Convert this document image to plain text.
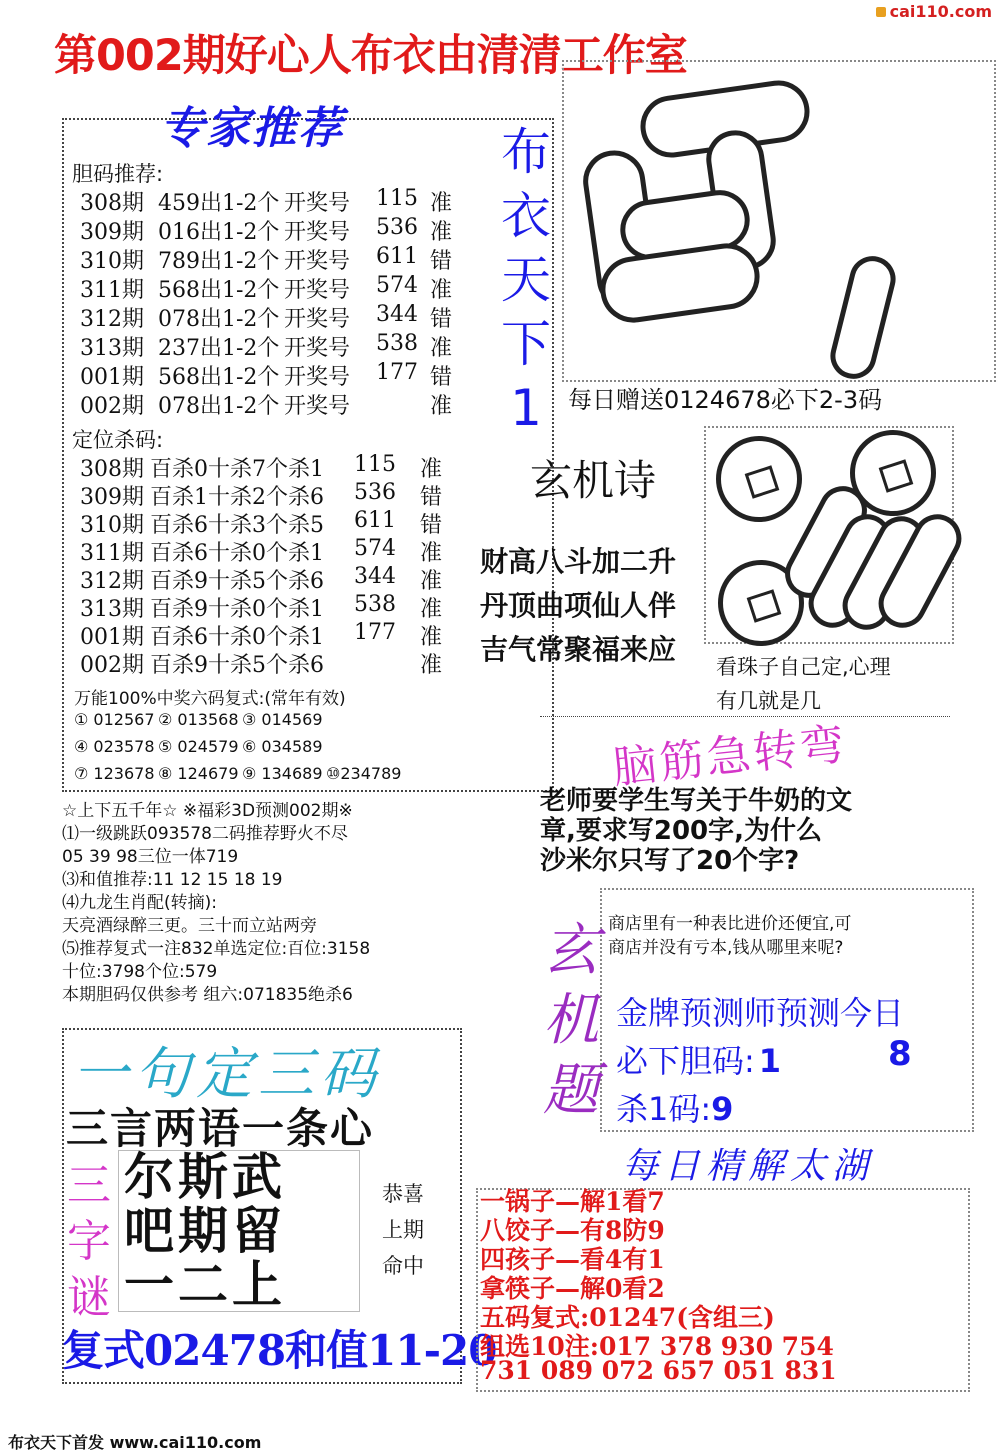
cai110.com
第002期好心人布衣由清清工作室
专家推荐
胆码推荐:
308期 459出1-2个 开奖号 115 准
309期 016出1-2个 开奖号 536 准
310期 789出1-2个 开奖号 611 错
311期 568出1-2个 开奖号 574 准
312期 078出1-2个 开奖号 344 错
313期 237出1-2个 开奖号 538 准
001期 568出1-2个 开奖号 177 错
002期 078出1-2个 开奖号	准
定位杀码:
308期 百杀0十杀7个杀1 115 准
309期 百杀1十杀2个杀6 536 错
310期 百杀6十杀3个杀5 611 错
311期 百杀6十杀0个杀1 574 准
312期 百杀9十杀5个杀6 344 准
313期 百杀9十杀0个杀1 538 准
001期 百杀6十杀0个杀1 177 准
002期 百杀9十杀5个杀6	准
万能100%中奖六码复式:(常年有效)
① 012567 ② 013568 ③ 014569
④ 023578 ⑤ 024579 ⑥ 034589
⑦ 123678 ⑧ 124679 ⑨ 134689 ⑩234789
☆上下五千年☆ ※福彩3D预测002期※
⑴一级跳跃093578二码推荐野火不尽
05 39 98三位一体719
⑶和值推荐:11 12 15 18 19
⑷九龙生肖配(转摘):
天亮酒绿醉三更。三十而立站两旁
⑸推荐复式一注832单选定位:百位:3158
十位:3798个位:579
本期胆码仅供参考 组六:071835绝杀6
一句定三码
三言两语一条心
三
字
谜
尔斯武
吧期留
一二上
恭喜
上期
命中
复式02478和值11-20
布
衣
天
下
1	每日赠送0124678必下2-3码
玄机诗
财高八斗加二升
丹顶曲项仙人伴
吉气常聚福来应
看珠子自己定,心理
有几就是几
脑筋急转弯
老师要学生写关于牛奶的文
章,要求写200字,为什么
沙米尔只写了20个字?
玄
机
题
商店里有一种表比进价还便宜,可
商店并没有亏本,钱从哪里来呢?
金牌预测师预测今日
必下胆码: 1	8
杀1码:9
每日精解太湖
一锅子—解1看7
八饺子—有8防9
四孩子—看4有1
拿筷子—解0看2
五码复式:01247(含组三)
组选10注:017 378 930 754
731 089 072 657 051 831
布衣天下首发 www.cai110.com
